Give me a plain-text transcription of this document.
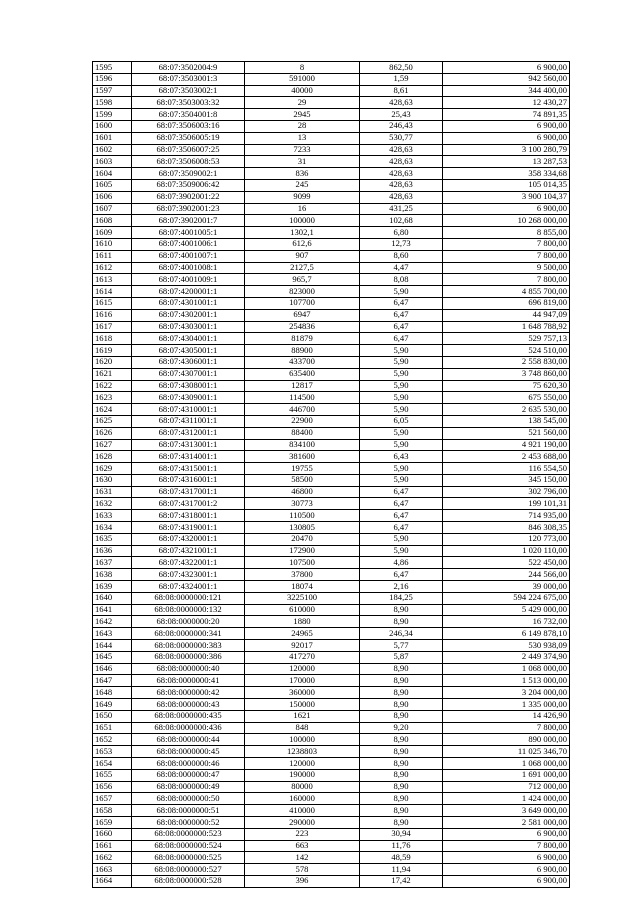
1595	68:07:3502004:9	8	862,50	6 900,00
1596	68:07:3503001:3	591000	1,59	942 560,00
1597	68:07:3503002:1	40000	8,61	344 400,00
1598	68:07:3503003:32	29	428,63	12 430,27
1599	68:07:3504001:8	2945	25,43	74 891,35
1600	68:07:3506003:16	28	246,43	6 900,00
1601	68:07:3506005:19	13	530,77	6 900,00
1602	68:07:3506007:25	7233	428,63	3 100 280,79
1603	68:07:3506008:53	31	428,63	13 287,53
1604	68:07:3509002:1	836	428,63	358 334,68
1605	68:07:3509006:42	245	428,63	105 014,35
1606	68:07:3902001:22	9099	428,63	3 900 104,37
1607	68:07:3902001:23	16	431,25	6 900,00
1608	68:07:3902001:7	100000	102,68	10 268 000,00
1609	68:07:4001005:1	1302,1	6,80	8 855,00
1610	68:07:4001006:1	612,6	12,73	7 800,00
1611	68:07:4001007:1	907	8,60	7 800,00
1612	68:07:4001008:1	2127,5	4,47	9 500,00
1613	68:07:4001009:1	965,7	8,08	7 800,00
1614	68:07:4200001:1	823000	5,90	4 855 700,00
1615	68:07:4301001:1	107700	6,47	696 819,00
1616	68:07:4302001:1	6947	6,47	44 947,09
1617	68:07:4303001:1	254836	6,47	1 648 788,92
1618	68:07:4304001:1	81879	6,47	529 757,13
1619	68:07:4305001:1	88900	5,90	524 510,00
1620	68:07:4306001:1	433700	5,90	2 558 830,00
1621	68:07:4307001:1	635400	5,90	3 748 860,00
1622	68:07:4308001:1	12817	5,90	75 620,30
1623	68:07:4309001:1	114500	5,90	675 550,00
1624	68:07:4310001:1	446700	5,90	2 635 530,00
1625	68:07:4311001:1	22900	6,05	138 545,00
1626	68:07:4312001:1	88400	5,90	521 560,00
1627	68:07:4313001:1	834100	5,90	4 921 190,00
1628	68:07:4314001:1	381600	6,43	2 453 688,00
1629	68:07:4315001:1	19755	5,90	116 554,50
1630	68:07:4316001:1	58500	5,90	345 150,00
1631	68:07:4317001:1	46800	6,47	302 796,00
1632	68:07:4317001:2	30773	6,47	199 101,31
1633	68:07:4318001:1	110500	6,47	714 935,00
1634	68:07:4319001:1	130805	6,47	846 308,35
1635	68:07:4320001:1	20470	5,90	120 773,00
1636	68:07:4321001:1	172900	5,90	1 020 110,00
1637	68:07:4322001:1	107500	4,86	522 450,00
1638	68:07:4323001:1	37800	6,47	244 566,00
1639	68:07:4324001:1	18074	2,16	39 000,00
1640	68:08:0000000:121	3225100	184,25	594 224 675,00
1641	68:08:0000000:132	610000	8,90	5 429 000,00
1642	68:08:0000000:20	1880	8,90	16 732,00
1643	68:08:0000000:341	24965	246,34	6 149 878,10
1644	68:08:0000000:383	92017	5,77	530 938,09
1645	68:08:0000000:386	417270	5,87	2 449 374,90
1646	68:08:0000000:40	120000	8,90	1 068 000,00
1647	68:08:0000000:41	170000	8,90	1 513 000,00
1648	68:08:0000000:42	360000	8,90	3 204 000,00
1649	68:08:0000000:43	150000	8,90	1 335 000,00
1650	68:08:0000000:435	1621	8,90	14 426,90
1651	68:08:0000000:436	848	9,20	7 800,00
1652	68:08:0000000:44	100000	8,90	890 000,00
1653	68:08:0000000:45	1238803	8,90	11 025 346,70
1654	68:08:0000000:46	120000	8,90	1 068 000,00
1655	68:08:0000000:47	190000	8,90	1 691 000,00
1656	68:08:0000000:49	80000	8,90	712 000,00
1657	68:08:0000000:50	160000	8,90	1 424 000,00
1658	68:08:0000000:51	410000	8,90	3 649 000,00
1659	68:08:0000000:52	290000	8,90	2 581 000,00
1660	68:08:0000000:523	223	30,94	6 900,00
1661	68:08:0000000:524	663	11,76	7 800,00
1662	68:08:0000000:525	142	48,59	6 900,00
1663	68:08:0000000:527	578	11,94	6 900,00
1664	68:08:0000000:528	396	17,42	6 900,00
